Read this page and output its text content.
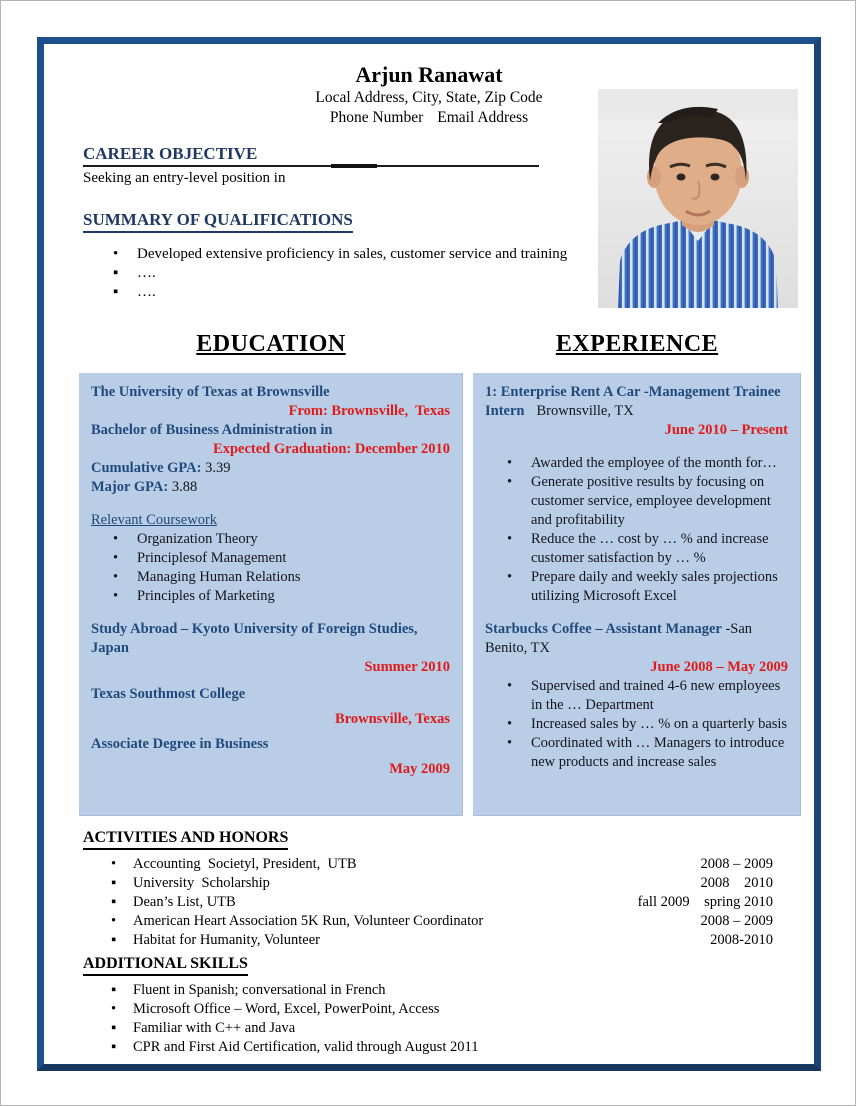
Arjun Ranawat
Local Address, City, State, Zip Code
Phone Number Email Address
CAREER OBJECTIVE

Seeking an entry-level position in

SUMMARY OF QUALIFICATIONS
•	Developed extensive proficiency in sales, customer service and training
▪	….
▪	….
EDUCATION
The University of Texas at Brownsville
From: Brownsville,  Texas
Bachelor of Business Administration in
Expected Graduation: December 2010
Cumulative GPA: 3.39
Major GPA: 3.88
Relevant Coursework
•	Organization Theory
•	Principlesof Management
•	Managing Human Relations
•	Principles of Marketing
Study Abroad – Kyoto University of Foreign Studies, Japan
Summer 2010
Texas Southmost College
Brownsville, Texas
Associate Degree in Business
May 2009
EXPERIENCE
1: Enterprise Rent A Car -Management Trainee Intern Brownsville, TX
June 2010 – Present
•	Awarded the employee of the month for…
•	Generate positive results by focusing on customer service, employee development and profitability
•	Reduce the … cost by … % and increase customer satisfaction by … %
•	Prepare daily and weekly sales projections utilizing Microsoft Excel
Starbucks Coffee – Assistant Manager -San Benito, TX
June 2008 – May 2009
•	Supervised and trained 4-6 new employees in the … Department
•	Increased sales by … % on a quarterly basis
•	Coordinated with … Managers to introduce new products and increase sales
ACTIVITIES AND HONORS
•	Accounting  Societyl, President,  UTB	2008 – 2009
▪	University  Scholarship	2008    2010
▪	Dean’s List, UTB	fall 2009    spring 2010
•	American Heart Association 5K Run, Volunteer Coordinator	2008 – 2009
▪	Habitat for Humanity, Volunteer	2008-2010
ADDITIONAL SKILLS
▪	Fluent in Spanish; conversational in French
•	Microsoft Office – Word, Excel, PowerPoint, Access
▪	Familiar with C++ and Java
▪	CPR and First Aid Certification, valid through August 2011
